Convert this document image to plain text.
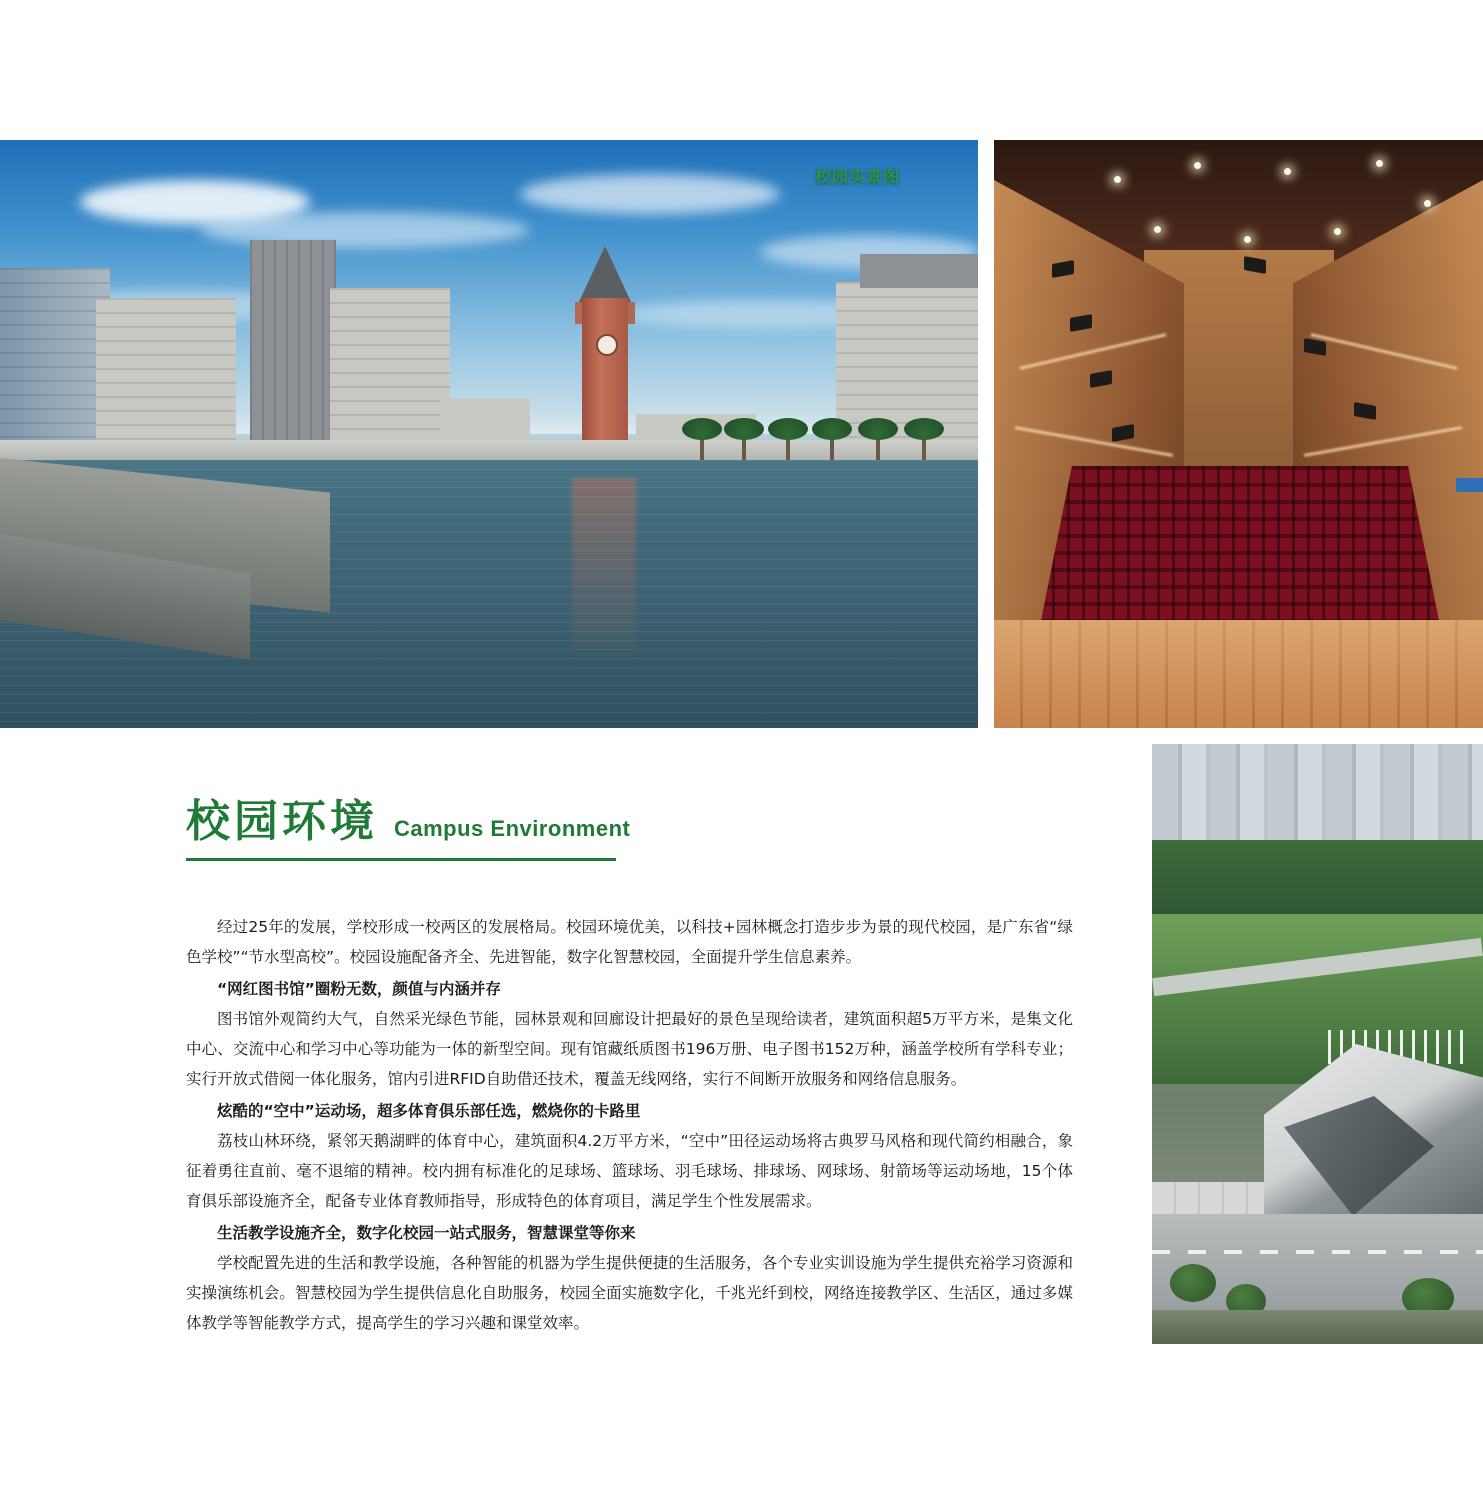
校园实景图
校园环境 Campus Environment

经过25年的发展，学校形成一校两区的发展格局。校园环境优美，以科技+园林概念打造步步为景的现代校园，是广东省“绿色学校”“节水型高校”。校园设施配备齐全、先进智能，数字化智慧校园，全面提升学生信息素养。

“网红图书馆”圈粉无数，颜值与内涵并存

图书馆外观简约大气，自然采光绿色节能，园林景观和回廊设计把最好的景色呈现给读者，建筑面积超5万平方米，是集文化中心、交流中心和学习中心等功能为一体的新型空间。现有馆藏纸质图书196万册、电子图书152万种，涵盖学校所有学科专业；实行开放式借阅一体化服务，馆内引进RFID自助借还技术，覆盖无线网络，实行不间断开放服务和网络信息服务。

炫酷的“空中”运动场，超多体育俱乐部任选，燃烧你的卡路里

荔枝山林环绕，紧邻天鹅湖畔的体育中心，建筑面积4.2万平方米，“空中”田径运动场将古典罗马风格和现代简约相融合，象征着勇往直前、毫不退缩的精神。校内拥有标准化的足球场、篮球场、羽毛球场、排球场、网球场、射箭场等运动场地，15个体育俱乐部设施齐全，配备专业体育教师指导，形成特色的体育项目，满足学生个性发展需求。

生活教学设施齐全，数字化校园一站式服务，智慧课堂等你来

学校配置先进的生活和教学设施，各种智能的机器为学生提供便捷的生活服务，各个专业实训设施为学生提供充裕学习资源和实操演练机会。智慧校园为学生提供信息化自助服务，校园全面实施数字化，千兆光纤到校，网络连接教学区、生活区，通过多媒体教学等智能教学方式，提高学生的学习兴趣和课堂效率。
